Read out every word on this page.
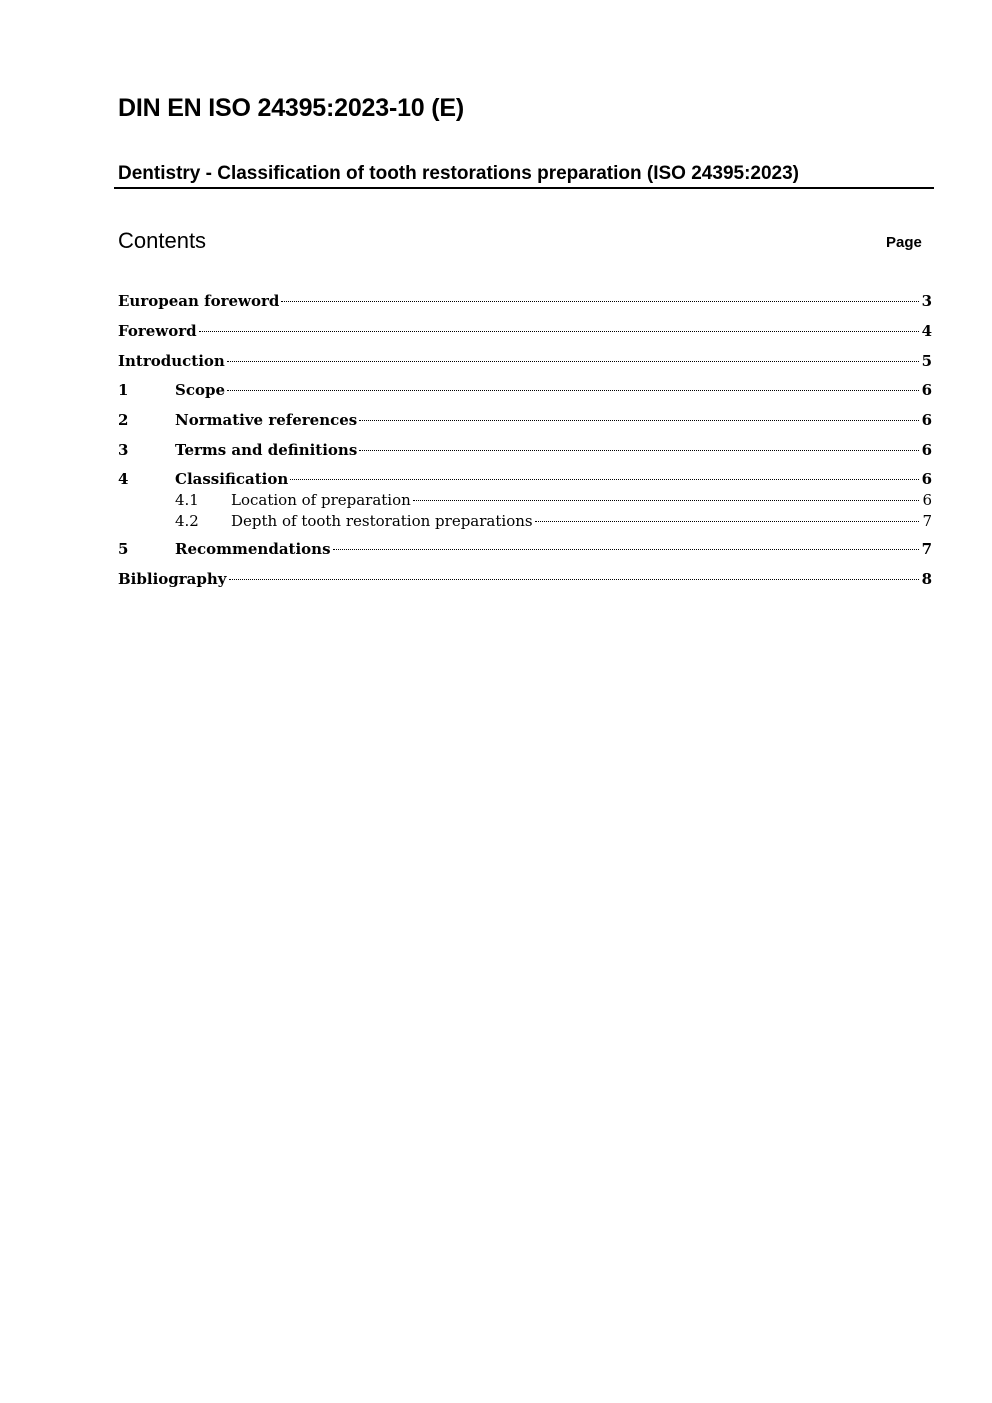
DIN EN ISO 24395:2023-10 (E)
Dentistry - Classification of tooth restorations preparation (ISO 24395:2023)
Contents	Page
European foreword	3
Foreword	4
Introduction	5
1	Scope	6
2	Normative references	6
3	Terms and definitions	6
4	Classification	6
4.1	Location of preparation	6
4.2	Depth of tooth restoration preparations	7
5	Recommendations	7
Bibliography	8
